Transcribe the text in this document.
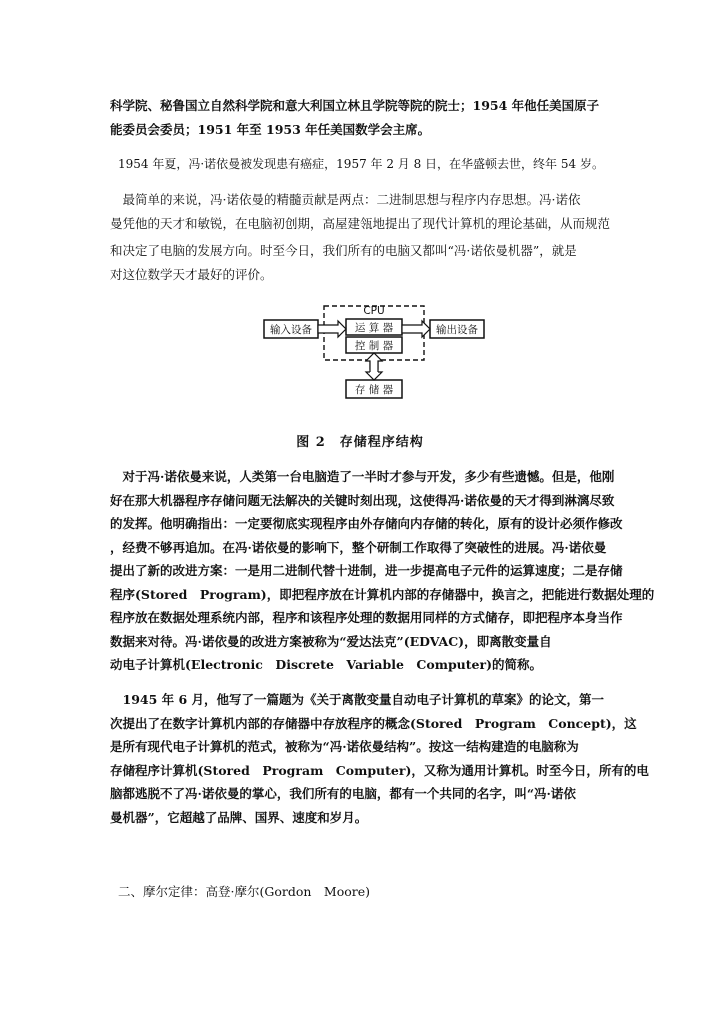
科学院、秘鲁国立自然科学院和意大利国立林且学院等院的院士；1954 年他任美国原子
能委员会委员；1951 年至 1953 年任美国数学会主席。
1954 年夏，冯·诺依曼被发现患有癌症，1957 年 2 月 8 日，在华盛顿去世，终年 54 岁。
　最简单的来说，冯·诺依曼的精髓贡献是两点：二进制思想与程序内存思想。冯·诺依
曼凭他的天才和敏锐，在电脑初创期，高屋建瓴地提出了现代计算机的理论基础，从而规范
和决定了电脑的发展方向。时至今日，我们所有的电脑又都叫“冯·诺依曼机器”，就是
对这位数学天才最好的评价。
CPU
输入设备	运 算 器
控 制 器
输出设备
存 储 器
图 2　存储程序结构
　对于冯·诺依曼来说，人类第一台电脑造了一半时才参与开发，多少有些遗憾。但是，他刚
好在那大机器程序存储问题无法解决的关键时刻出现，这使得冯·诺依曼的天才得到淋漓尽致
的发挥。他明确指出：一定要彻底实现程序由外存储向内存储的转化，原有的设计必须作修改
，经费不够再追加。在冯·诺依曼的影响下，整个研制工作取得了突破性的进展。冯·诺依曼
提出了新的改进方案：一是用二进制代替十进制，进一步提高电子元件的运算速度；二是存储
程序(Stored　Program)，即把程序放在计算机内部的存储器中，换言之，把能进行数据处理的
程序放在数据处理系统内部，程序和该程序处理的数据用同样的方式储存，即把程序本身当作
数据来对待。冯·诺依曼的改进方案被称为“爱达法克”(EDVAC)，即离散变量自
动电子计算机(Electronic　Discrete　Variable　Computer)的简称。
　1945 年 6 月，他写了一篇题为《关于离散变量自动电子计算机的草案》的论文，第一
次提出了在数字计算机内部的存储器中存放程序的概念(Stored　Program　Concept)，这
是所有现代电子计算机的范式，被称为“冯·诺依曼结构”。按这一结构建造的电脑称为
存储程序计算机(Stored　Program　Computer)，又称为通用计算机。时至今日，所有的电
脑都逃脱不了冯·诺依曼的掌心，我们所有的电脑，都有一个共同的名字，叫“冯·诺依
曼机器”，它超越了品牌、国界、速度和岁月。
二、摩尔定律：高登·摩尔(Gordon　Moore)
